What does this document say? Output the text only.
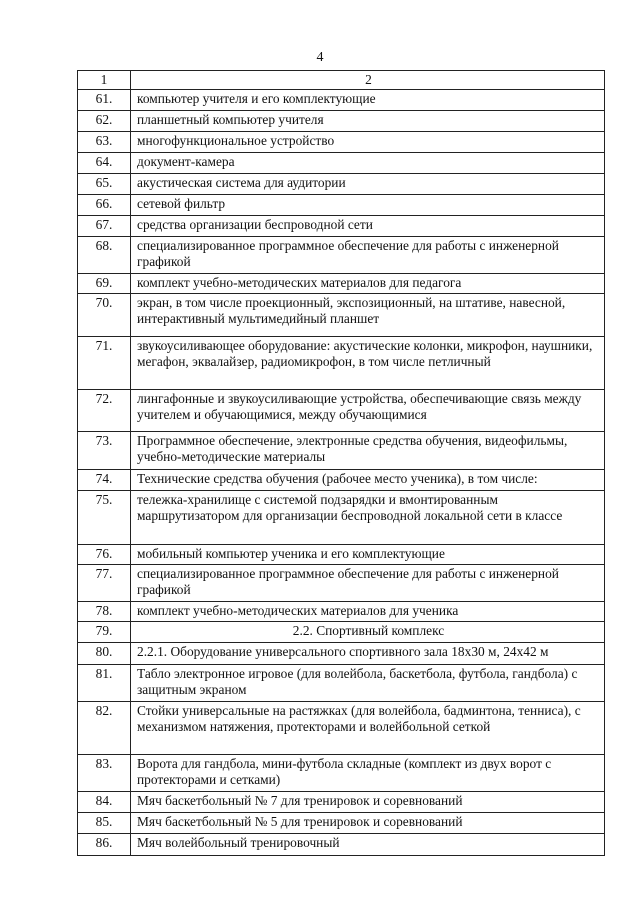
4
1	2
61.	компьютер учителя и его комплектующие
62.	планшетный компьютер учителя
63.	многофункциональное устройство
64.	документ-камера
65.	акустическая система для аудитории
66.	сетевой фильтр
67.	средства организации беспроводной сети
68.	специализированное программное обеспечение для работы с инженерной графикой
69.	комплект учебно-методических материалов для педагога
70.	экран, в том числе проекционный, экспозиционный, на штативе, навесной, интерактивный мультимедийный планшет
71.	звукоусиливающее оборудование: акустические колонки, микрофон, наушники, мегафон, эквалайзер, радиомикрофон, в том числе петличный
72.	лингафонные и звукоусиливающие устройства, обеспечивающие связь между учителем и обучающимися, между обучающимися
73.	Программное обеспечение, электронные средства обучения, видеофильмы, учебно-методические материалы
74.	Технические средства обучения (рабочее место ученика), в том числе:
75.	тележка-хранилище с системой подзарядки и вмонтированным маршрутизатором для организации беспроводной локальной сети в классе
76.	мобильный компьютер ученика и его комплектующие
77.	специализированное программное обеспечение для работы с инженерной графикой
78.	комплект учебно-методических материалов для ученика
79.	2.2. Спортивный комплекс
80.	2.2.1. Оборудование универсального спортивного зала 18х30 м, 24х42 м
81.	Табло электронное игровое (для волейбола, баскетбола, футбола, гандбола) с защитным экраном
82.	Стойки универсальные на растяжках (для волейбола, бадминтона, тенниса), с механизмом натяжения, протекторами и волейбольной сеткой
83.	Ворота для гандбола, мини-футбола складные (комплект из двух ворот с протекторами и сетками)
84.	Мяч баскетбольный № 7 для тренировок и соревнований
85.	Мяч баскетбольный № 5 для тренировок и соревнований
86.	Мяч волейбольный тренировочный
